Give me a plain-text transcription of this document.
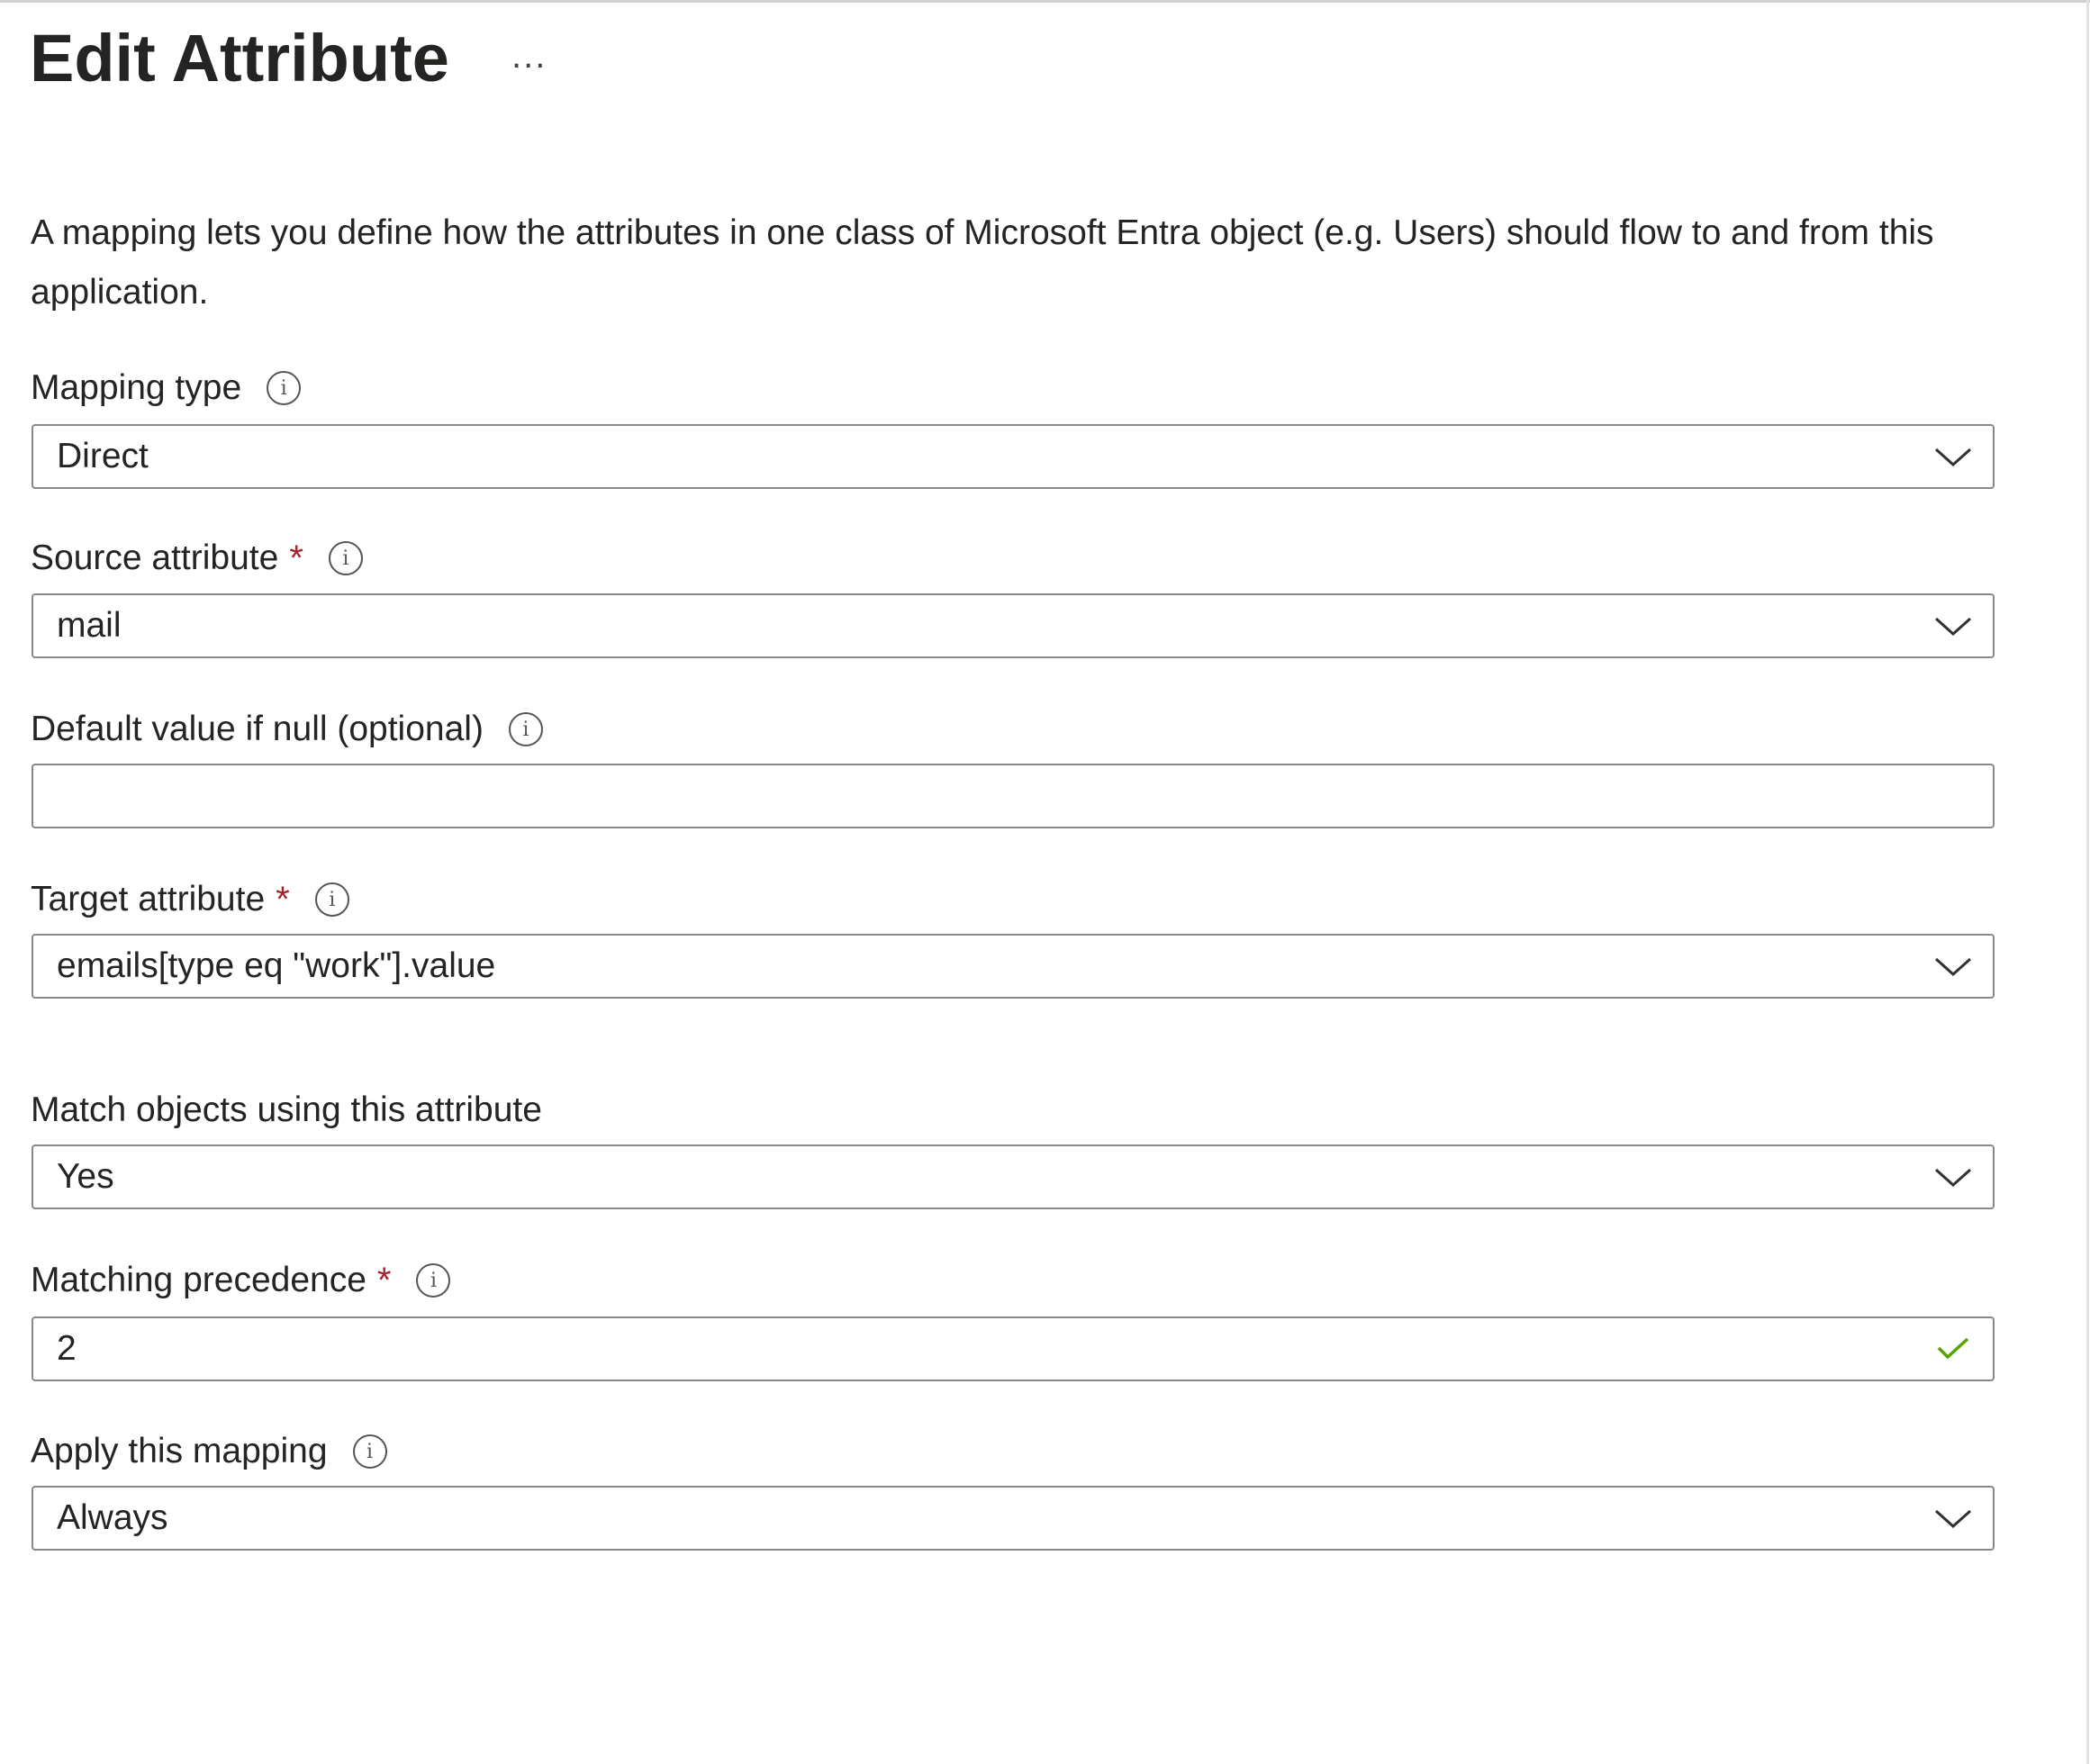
Edit Attribute ...
A mapping lets you define how the attributes in one class of Microsoft Entra object (e.g. Users) should flow to and from this application.
Mapping type	i
Direct
Source attribute *	i
mail
Default value if null (optional)	i
Target attribute *	i
emails[type eq "work"].value
Match objects using this attribute
Yes
Matching precedence *	i
2
Apply this mapping	i
Always
